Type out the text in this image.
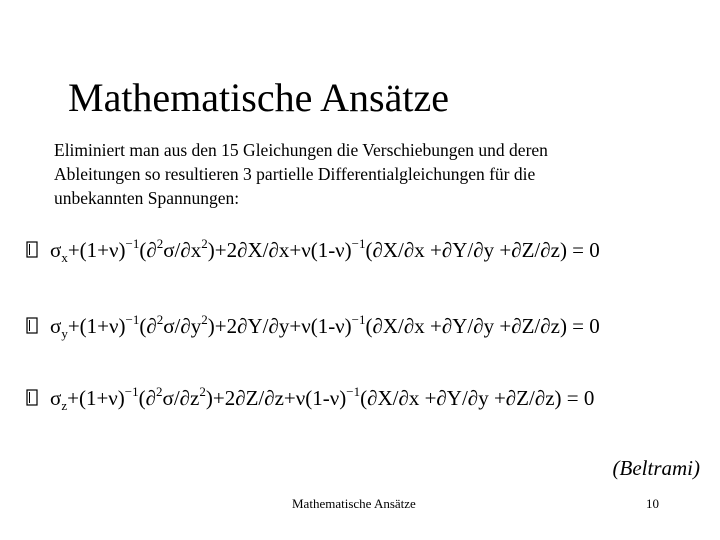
Mathematische Ansätze
Eliminiert man aus den 15 Gleichungen die Verschiebungen und deren
Ableitungen so resultieren 3 partielle Differentialgleichungen für die
unbekannten Spannungen:
$\sigma_x+(1+\nu)^{-1}(\partial^2\sigma/\partial x^2)+2\partial X/\partial x+\nu(1-\nu)^{-1}(\partial X/\partial x +\partial Y/\partial y +\partial Z/\partial z) = 0$
$\sigma_y+(1+\nu)^{-1}(\partial^2\sigma/\partial y^2)+2\partial Y/\partial y+\nu(1-\nu)^{-1}(\partial X/\partial x +\partial Y/\partial y +\partial Z/\partial z) = 0$
$\sigma_z+(1+\nu)^{-1}(\partial^2\sigma/\partial z^2)+2\partial Z/\partial z+\nu(1-\nu)^{-1}(\partial X/\partial x +\partial Y/\partial y +\partial Z/\partial z) = 0$
(Beltrami)
Mathematische Ansätze	10
